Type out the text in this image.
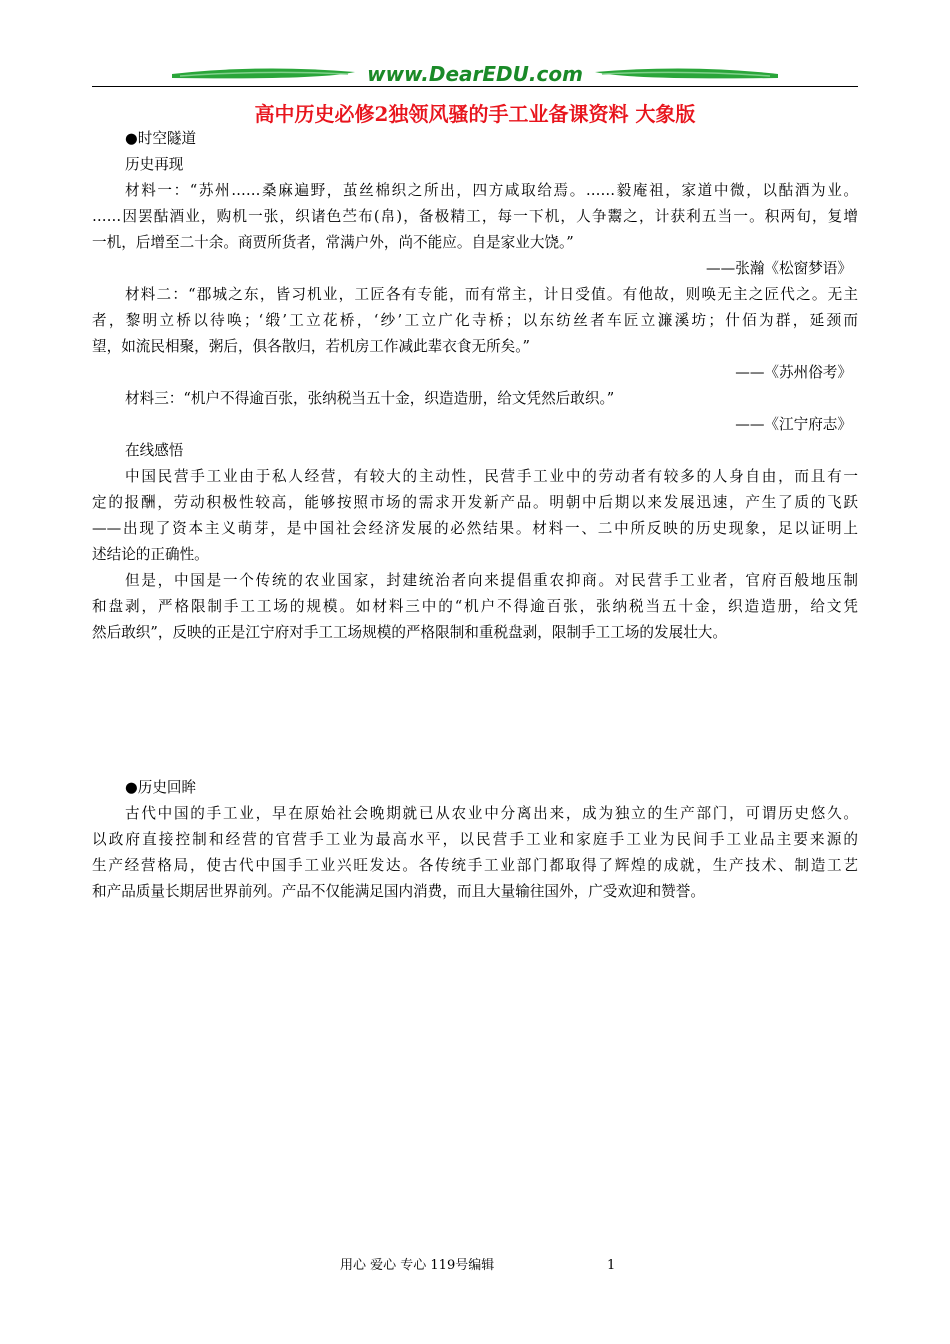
www.DearEDU.com
高中历史必修2独领风骚的手工业备课资料 大象版
●时空隧道
历史再现
材料一：“苏州……桑麻遍野，茧丝棉织之所出，四方咸取给焉。……毅庵祖，家道中微，以酤酒为业。
……因罢酤酒业，购机一张，织诸色苎布(帛)，备极精工，每一下机，人争鬻之，计获利五当一。积两旬，复增
一机，后增至二十余。商贾所货者，常满户外，尚不能应。自是家业大饶。”
——张瀚《松窗梦语》
材料二：“郡城之东，皆习机业，工匠各有专能，而有常主，计日受值。有他故，则唤无主之匠代之。无主
者，黎明立桥以待唤；‘缎’工立花桥，‘纱’工立广化寺桥；以东纺丝者车匠立濂溪坊；什佰为群，延颈而
望，如流民相聚，粥后，俱各散归，若机房工作减此辈衣食无所矣。”
——《苏州俗考》
材料三：“机户不得逾百张，张纳税当五十金，织造造册，给文凭然后敢织。”
——《江宁府志》
在线感悟
中国民营手工业由于私人经营，有较大的主动性，民营手工业中的劳动者有较多的人身自由，而且有一
定的报酬，劳动积极性较高，能够按照市场的需求开发新产品。明朝中后期以来发展迅速，产生了质的飞跃
——出现了资本主义萌芽，是中国社会经济发展的必然结果。材料一、二中所反映的历史现象，足以证明上
述结论的正确性。
但是，中国是一个传统的农业国家，封建统治者向来提倡重农抑商。对民营手工业者，官府百般地压制
和盘剥，严格限制手工工场的规模。如材料三中的“机户不得逾百张，张纳税当五十金，织造造册，给文凭
然后敢织”，反映的正是江宁府对手工工场规模的严格限制和重税盘剥，限制手工工场的发展壮大。
●历史回眸
古代中国的手工业，早在原始社会晚期就已从农业中分离出来，成为独立的生产部门，可谓历史悠久。
以政府直接控制和经营的官营手工业为最高水平，以民营手工业和家庭手工业为民间手工业品主要来源的
生产经营格局，使古代中国手工业兴旺发达。各传统手工业部门都取得了辉煌的成就，生产技术、制造工艺
和产品质量长期居世界前列。产品不仅能满足国内消费，而且大量输往国外，广受欢迎和赞誉。
用心 爱心 专心 119号编辑	1
